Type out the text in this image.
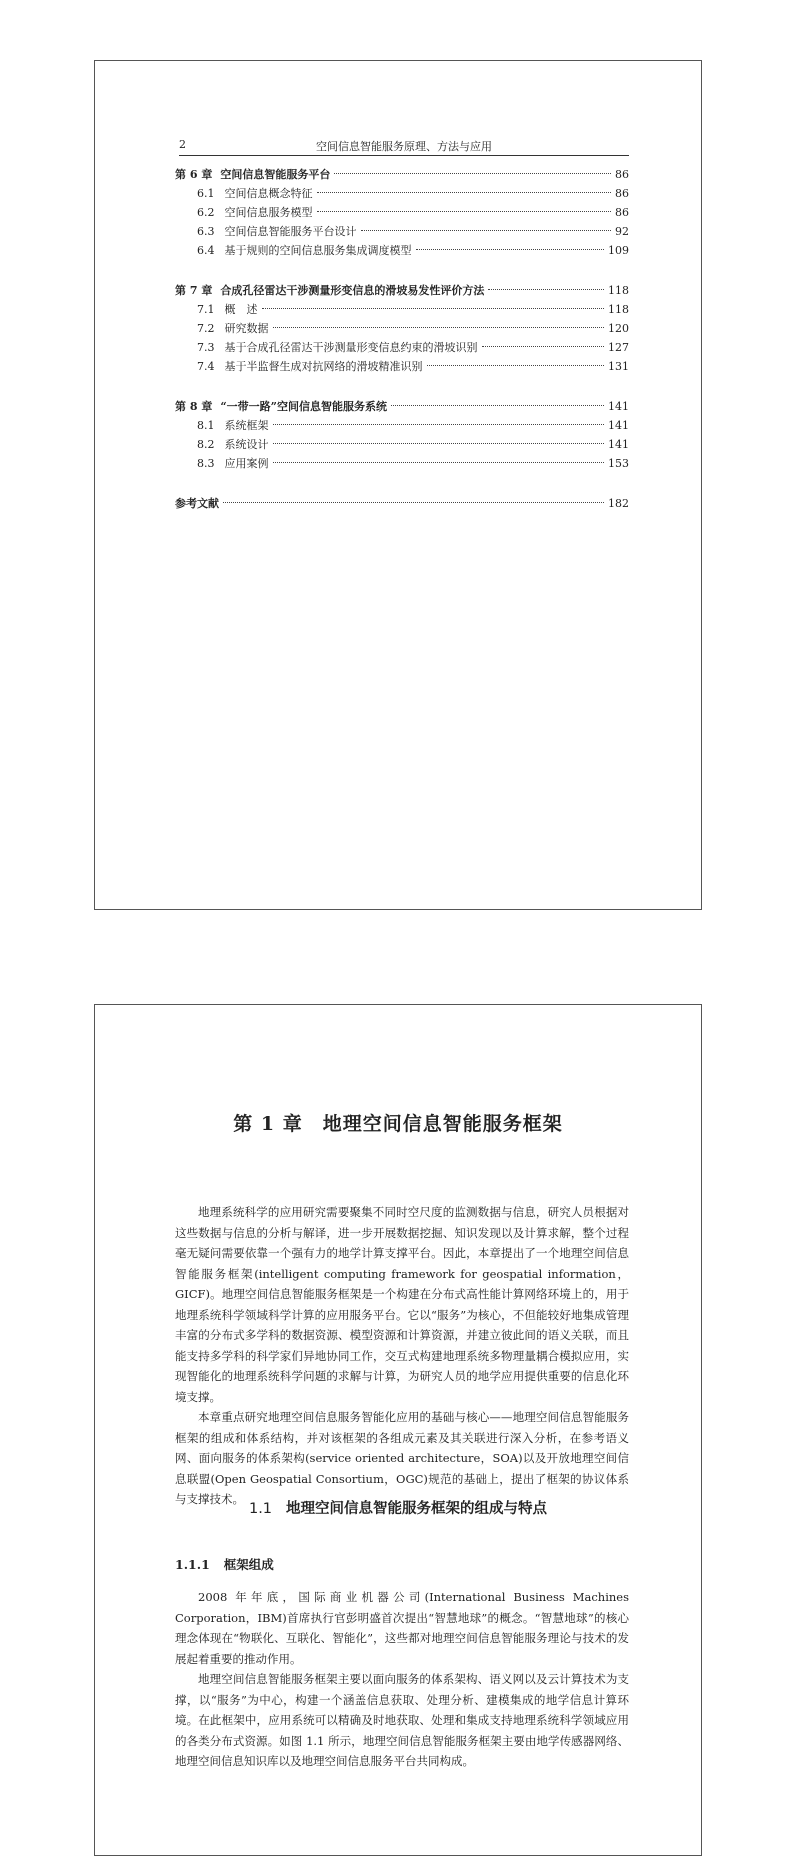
2	空间信息智能服务原理、方法与应用
第 6 章 空间信息智能服务平台	86
6.1 空间信息概念特征	86
6.2 空间信息服务模型	86
6.3 空间信息智能服务平台设计	92
6.4 基于规则的空间信息服务集成调度模型	109
第 7 章 合成孔径雷达干涉测量形变信息的滑坡易发性评价方法	118
7.1 概　述	118
7.2 研究数据	120
7.3 基于合成孔径雷达干涉测量形变信息约束的滑坡识别	127
7.4 基于半监督生成对抗网络的滑坡精准识别	131
第 8 章 “一带一路”空间信息智能服务系统	141
8.1 系统框架	141
8.2 系统设计	141
8.3 应用案例	153
参考文献	182
第 1 章　地理空间信息智能服务框架

地理系统科学的应用研究需要聚集不同时空尺度的监测数据与信息，研究人员根据对这些数据与信息的分析与解译，进一步开展数据挖掘、知识发现以及计算求解，整个过程毫无疑问需要依靠一个强有力的地学计算支撑平台。因此，本章提出了一个地理空间信息智能服务框架(intelligent computing framework for geospatial information，GICF)。地理空间信息智能服务框架是一个构建在分布式高性能计算网络环境上的，用于地理系统科学领域科学计算的应用服务平台。它以“服务”为核心，不但能较好地集成管理丰富的分布式多学科的数据资源、模型资源和计算资源，并建立彼此间的语义关联，而且能支持多学科的科学家们异地协同工作，交互式构建地理系统多物理量耦合模拟应用，实现智能化的地理系统科学问题的求解与计算，为研究人员的地学应用提供重要的信息化环境支撑。

本章重点研究地理空间信息服务智能化应用的基础与核心——地理空间信息智能服务框架的组成和体系结构，并对该框架的各组成元素及其关联进行深入分析，在参考语义网、面向服务的体系架构(service oriented architecture，SOA)以及开放地理空间信息联盟(Open Geospatial Consortium，OGC)规范的基础上，提出了框架的协议体系与支撑技术。

1.1 地理空间信息智能服务框架的组成与特点
1.1.1 框架组成

2008 年年底，国际商业机器公司(International Business Machines Corporation，IBM)首席执行官彭明盛首次提出“智慧地球”的概念。“智慧地球”的核心理念体现在“物联化、互联化、智能化”，这些都对地理空间信息智能服务理论与技术的发展起着重要的推动作用。

地理空间信息智能服务框架主要以面向服务的体系架构、语义网以及云计算技术为支撑，以“服务”为中心，构建一个涵盖信息获取、处理分析、建模集成的地学信息计算环境。在此框架中，应用系统可以精确及时地获取、处理和集成支持地理系统科学领域应用的各类分布式资源。如图 1.1 所示，地理空间信息智能服务框架主要由地学传感器网络、地理空间信息知识库以及地理空间信息服务平台共同构成。
